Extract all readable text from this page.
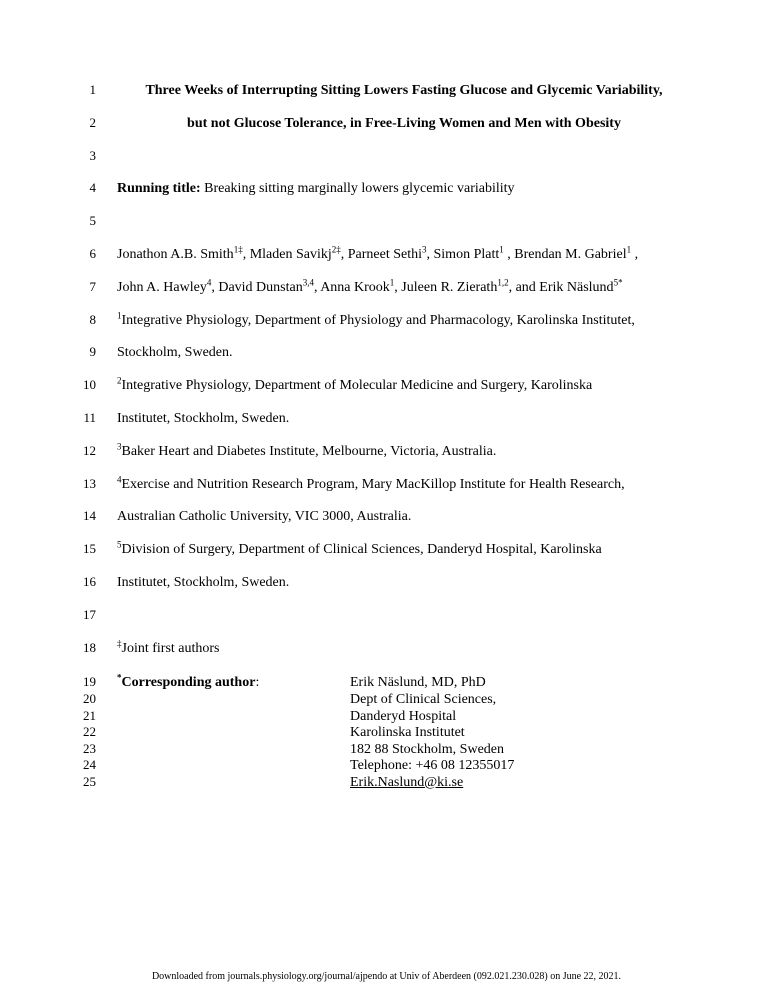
1	Three Weeks of Interrupting Sitting Lowers Fasting Glucose and Glycemic Variability,
2	but not Glucose Tolerance, in Free-Living Women and Men with Obesity
3
4 Running title: Breaking sitting marginally lowers glycemic variability
5
6 Jonathon A.B. Smith$^{1\ddagger}$, Mladen Savikj$^{2\ddagger}$, Parneet Sethi$^3$, Simon Platt$^1$ , Brendan M. Gabriel$^1$ ,
7 John A. Hawley$^4$, David Dunstan$^{3,4}$, Anna Krook$^1$, Juleen R. Zierath$^{1,2}$, and Erik Näslund$^{5*}$
8 $^1$Integrative Physiology, Department of Physiology and Pharmacology, Karolinska Institutet,
9 Stockholm, Sweden.
10 $^2$Integrative Physiology, Department of Molecular Medicine and Surgery, Karolinska
11 Institutet, Stockholm, Sweden.
12 $^3$Baker Heart and Diabetes Institute, Melbourne, Victoria, Australia.
13 $^4$Exercise and Nutrition Research Program, Mary MacKillop Institute for Health Research,
14 Australian Catholic University, VIC 3000, Australia.
15 $^5$Division of Surgery, Department of Clinical Sciences, Danderyd Hospital, Karolinska
16 Institutet, Stockholm, Sweden.
17
18 ‡Joint first authors
19 *Corresponding author:	Erik Näslund, MD, PhD
20	Dept of Clinical Sciences,
21	Danderyd Hospital
22	Karolinska Institutet
23	182 88 Stockholm, Sweden
24	Telephone: +46 08 12355017
25	Erik.Naslund@ki.se
Downloaded from journals.physiology.org/journal/ajpendo at Univ of Aberdeen (092.021.230.028) on June 22, 2021.
